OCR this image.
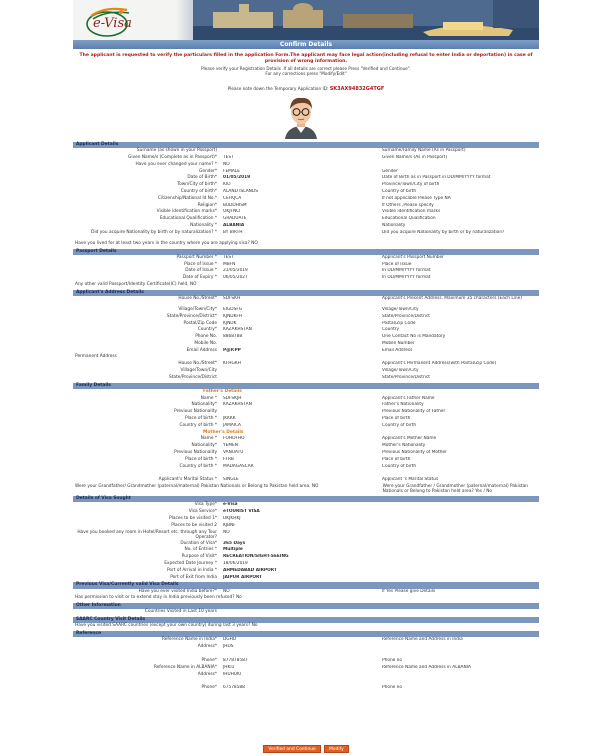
e-Visa
Confirm Details
The applicant is requested to verify the particulars filled in the application Form.The applicant may face legal action(including refusal to enter India or deportation) in case of provision of wrong information.
Please verify your Registration Details .If all details are correct please Press "Verified and Continue".
For any corrections press "Modify/Edit"
Please note down the Temporary Application ID: SK3AX94832G4TGF
Applicant Details
Surname (as shown in your Passport)	Surname/Family Name (As in Passport)
Given Name/s (Complete as in Passport)*	TEST	Given Name/s (As in Passport)
Have you ever changed your name? *	NO
Gender*	FEMALE	Gender
Date of Birth*	01/05/2019	Date of Birth as in Passport in DD/MM/YYYY format
Town/City of birth*	KIO	Province/Town/City of birth
Country of birth*	ALAND ISLANDS	Country of birth
Citizenship/National Id No.*	CEFKJCA	If not applicable Please Type NA
Religion*	BUDDHISM	If Others ,Please specify
Visible identification marks*	OKJFNCI	Visible identification marks
Educational Qualification *	GRADUATE	Educational Qualification
Nationality *	ALBANIA	Nationality
Did you acquire Nationality by birth or by naturalization? *	BY BIRTH	Did you acquire Nationality by birth or by naturalization?
Have you lived for at least two years in the country where you are applying visa? NO
Passport Details
Passport Number *	TEST	Applicant's Passport Number
Place of Issue *	MBFN	Place of Issue
Date of Issue *	21/05/2019	In DD/MM/YYYY format
Date of Expiry *	06/05/2027	In DD/MM/YYYY format
Any other valid Passport/Identity Certificate(IC) held, NO
Applicant's Address Details
House No./Street*	SDFSKH	Applicant's Present Address. Maximum 35 characters (Each Line)
Village/Town/City*	EIGDSFG	Village/Town/City
State/Province/District*	KJNDKFH	State/Province/District
Postal/Zip Code	KJNDK	Postal/Zip Code
Country*	KAZAKHSTAN	Country
Phone No.	8868788	One Contact No is Mandatory
Mobile No.	Mobile Number
Email Address	P@P.PP	Email Address
Permanent Address
House No./Street*	KFHGKH	Applicant's Permanent Address(with Postal/Zip Code)
Village/Town/City	Village/Town/City
State/Province/District	State/Province/District
Family Details
Father's Details
Name *	SDFSKJH	Applicant's Father Name
Nationality*	KAZAKHSTAN	Father's Nationality
Previous Nationality	Previous Nationality of Father
Place of birth *	JKKKK	Place of birth
Country of birth *	JAMAICA	Country of birth
Mother's Details
Name *	FOHOFHO	Applicant's Mother Name
Nationality*	YEMEN	Mother's Nationality
Previous Nationality	VANUATU	Previous Nationality of Mother
Place of birth *	FFRB	Place of birth
Country of birth *	MADAGASCAR	Country of birth
Applicant's Marital Status *	SINGLE	Applicant 's Marital Status
Were your Grandfather/ Grandmother (paternal/maternal) Pakistan Nationals or Belong to Pakistan held area. NO	Were your Grandfather / Grandmother (paternal/maternal) Pakistan Nationals or Belong to Pakistan held area? Yes / No
Details of Visa Sought
Visa Type*	e-Visa
Visa Service*	eTOURIST VISA
Places to be visited 1*	DKJKHKJ
Places to be visited 2	KJBNF
Have you booked any room in Hotel/Resort etc. through any Tour Operator?
NO
Duration of Visa*	365 Days
No. of Entries *	Multiple
Purpose of Visit*	RECREATION/SIGHT-SEEING
Expected Date Journey *	18/06/2019
Port of Arrival in India *	AHMEDABAD AIRPORT
Port of Exit from India	JAIPUR AIRPORT
Previous Visa/Currently valid Visa Details
Have you ever visited India before?*	NO	If Yes Please give Details
Has permission to visit or to extend stay in India previously been refused? No
Other Information
Countries Visited in Last 10 years
SAARC Country Visit Details
Have you visited SAARC countries (except your own country) during last 3 years? No
Reference
Reference Name in India*	DGHD	Reference Name and Address in India
Address*	JHDS
Phone*	877878587	Phone no
Reference Name in ALBANIA*	JHKI1	Reference Name and Address in ALBANIA
Address*	IHUHUKI
Phone*	67578588	Phone no
Verified and Continue	Modify
